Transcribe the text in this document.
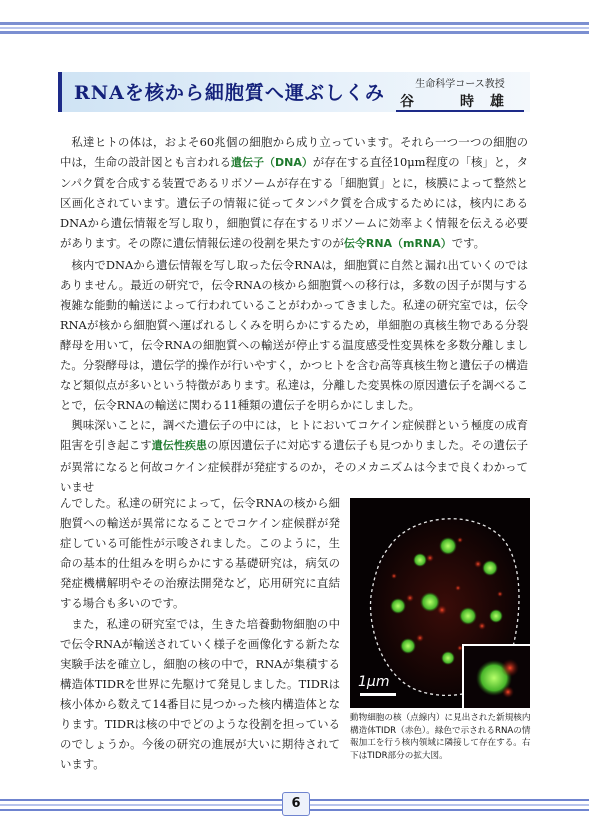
RNAを核から細胞質へ運ぶしくみ	生命科学コース教授
谷　時雄

私達ヒトの体は，およそ60兆個の細胞から成り立っています。それら一つ一つの細胞の中は，生命の設計図とも言われる遺伝子（DNA）が存在する直径10μm程度の「核」と，タンパク質を合成する装置であるリボソームが存在する「細胞質」とに，核膜によって整然と区画化されています。遺伝子の情報に従ってタンパク質を合成するためには，核内にあるDNAから遺伝情報を写し取り，細胞質に存在するリボソームに効率よく情報を伝える必要があります。その際に遺伝情報伝達の役割を果たすのが伝令RNA（mRNA）です。

核内でDNAから遺伝情報を写し取った伝令RNAは，細胞質に自然と漏れ出ていくのではありません。最近の研究で，伝令RNAの核から細胞質への移行は，多数の因子が関与する複雑な能動的輸送によって行われていることがわかってきました。私達の研究室では，伝令RNAが核から細胞質へ運ばれるしくみを明らかにするため，単細胞の真核生物である分裂酵母を用いて，伝令RNAの細胞質への輸送が停止する温度感受性変異株を多数分離しました。分裂酵母は，遺伝学的操作が行いやすく，かつヒトを含む高等真核生物と遺伝子の構造など類似点が多いという特徴があります。私達は，分離した変異株の原因遺伝子を調べることで，伝令RNAの輸送に関わる11種類の遺伝子を明らかにしました。

興味深いことに，調べた遺伝子の中には，ヒトにおいてコケイン症候群という極度の成育阻害を引き起こす遺伝性疾患の原因遺伝子に対応する遺伝子も見つかりました。その遺伝子が異常になると何故コケイン症候群が発症するのか，そのメカニズムは今まで良くわかっていませ

んでした。私達の研究によって，伝令RNAの核から細胞質への輸送が異常になることでコケイン症候群が発症している可能性が示唆されました。このように，生命の基本的仕組みを明らかにする基礎研究は，病気の発症機構解明やその治療法開発など，応用研究に直結する場合も多いのです。

また，私達の研究室では，生きた培養動物細胞の中で伝令RNAが輸送されていく様子を画像化する新たな実験手法を確立し，細胞の核の中で，RNAが集積する構造体TIDRを世界に先駆けて発見しました。TIDRは核小体から数えて14番目に見つかった核内構造体となります。TIDRは核の中でどのような役割を担っているのでしょうか。今後の研究の進展が大いに期待されています。

1μm
動物細胞の核（点線内）に見出された新規核内構造体TIDR（赤色）。緑色で示されるRNAの情報加工を行う核内領域に隣接して存在する。右下はTIDR部分の拡大図。
6
